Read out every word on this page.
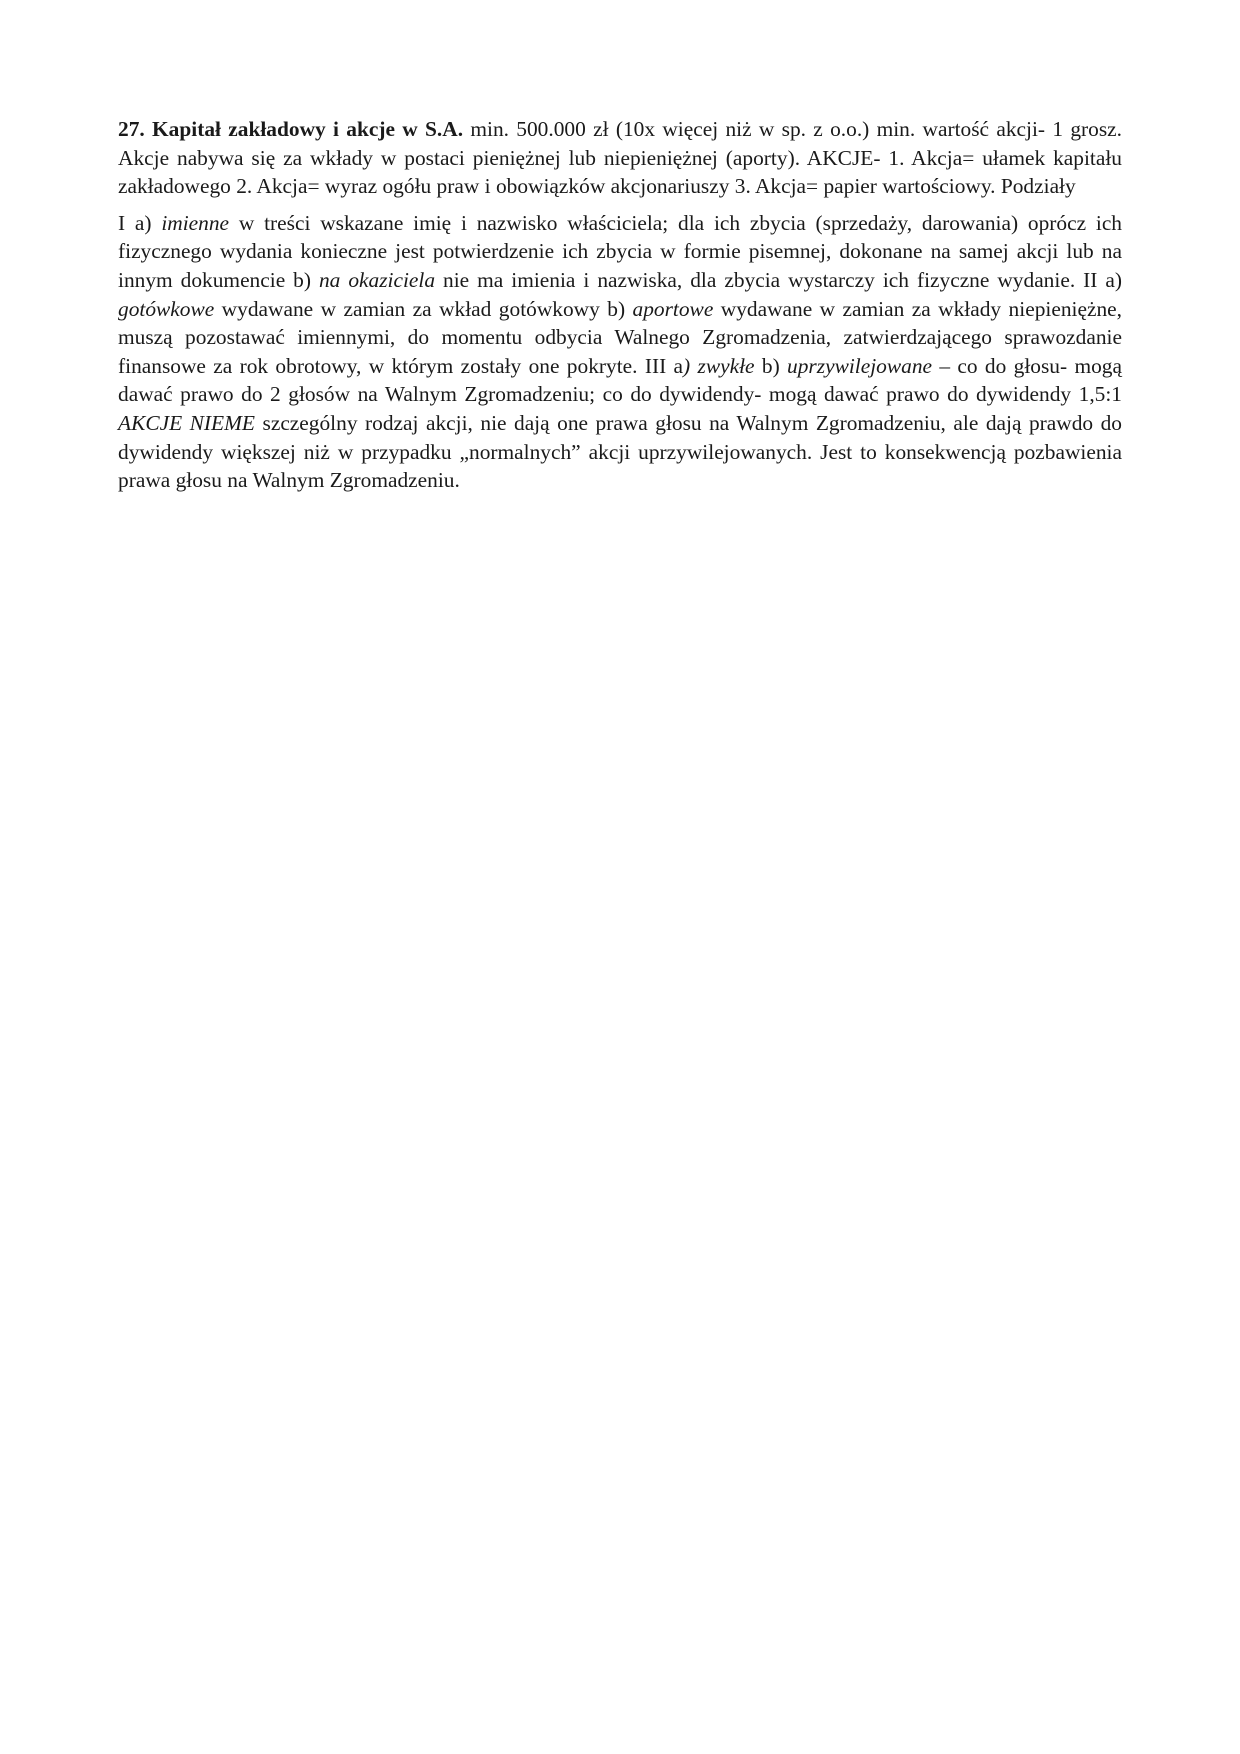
27. Kapitał zakładowy i akcje w S.A. min. 500.000 zł (10x więcej niż w sp. z o.o.) min. wartość akcji- 1 grosz. Akcje nabywa się za wkłady w postaci pieniężnej lub niepieniężnej (aporty). AKCJE- 1. Akcja= ułamek kapitału zakładowego 2. Akcja= wyraz ogółu praw i obowiązków akcjonariuszy 3. Akcja= papier wartościowy. Podziały

I a) imienne w treści wskazane imię i nazwisko właściciela; dla ich zbycia (sprzedaży, darowania) oprócz ich fizycznego wydania konieczne jest potwierdzenie ich zbycia w formie pisemnej, dokonane na samej akcji lub na innym dokumencie b) na okaziciela nie ma imienia i nazwiska, dla zbycia wystarczy ich fizyczne wydanie. II a) gotówkowe wydawane w zamian za wkład gotówkowy b) aportowe wydawane w zamian za wkłady niepieniężne, muszą pozostawać imiennymi, do momentu odbycia Walnego Zgromadzenia, zatwierdzającego sprawozdanie finansowe za rok obrotowy, w którym zostały one pokryte. III a) zwykłe b) uprzywilejowane – co do głosu- mogą dawać prawo do 2 głosów na Walnym Zgromadzeniu; co do dywidendy- mogą dawać prawo do dywidendy 1,5:1 AKCJE NIEME szczególny rodzaj akcji, nie dają one prawa głosu na Walnym Zgromadzeniu, ale dają prawdo do dywidendy większej niż w przypadku „normalnych” akcji uprzywilejowanych. Jest to konsekwencją pozbawienia prawa głosu na Walnym Zgromadzeniu.
